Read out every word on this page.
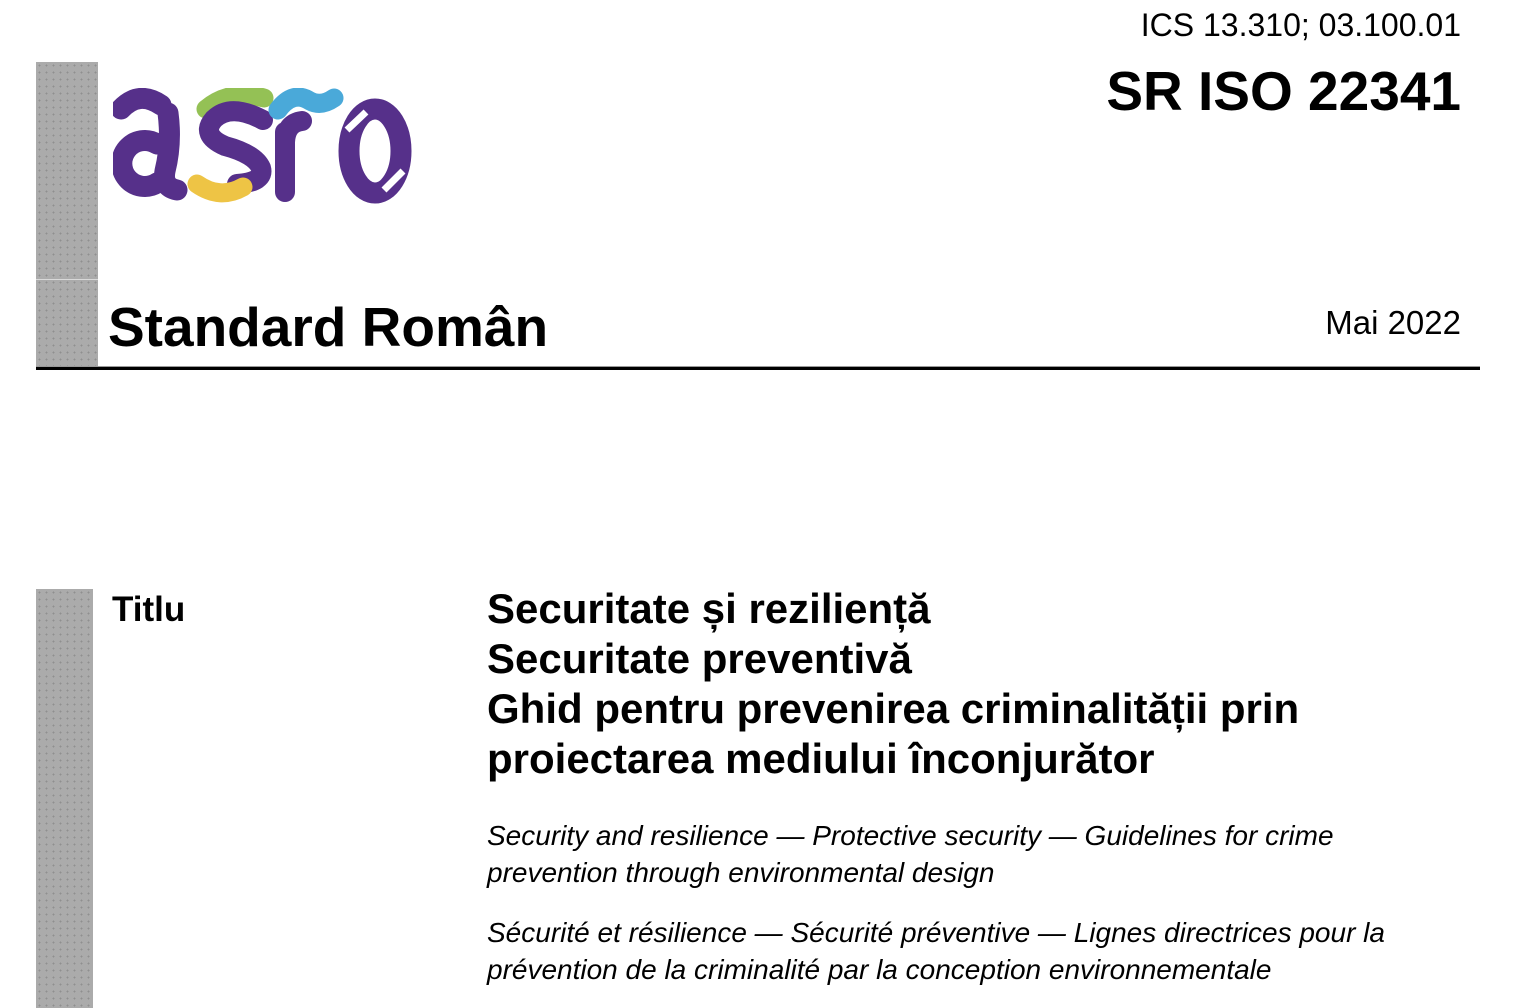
ICS 13.310; 03.100.01
SR ISO 22341
Standard Român	Mai 2022
Titlu	Securitate și reziliență
Securitate preventivă
Ghid pentru prevenirea criminalității prin
proiectarea mediului înconjurător
Security and resilience — Protective security — Guidelines for crime
prevention through environmental design
Sécurité et résilience — Sécurité préventive — Lignes directrices pour la
prévention de la criminalité par la conception environnementale
